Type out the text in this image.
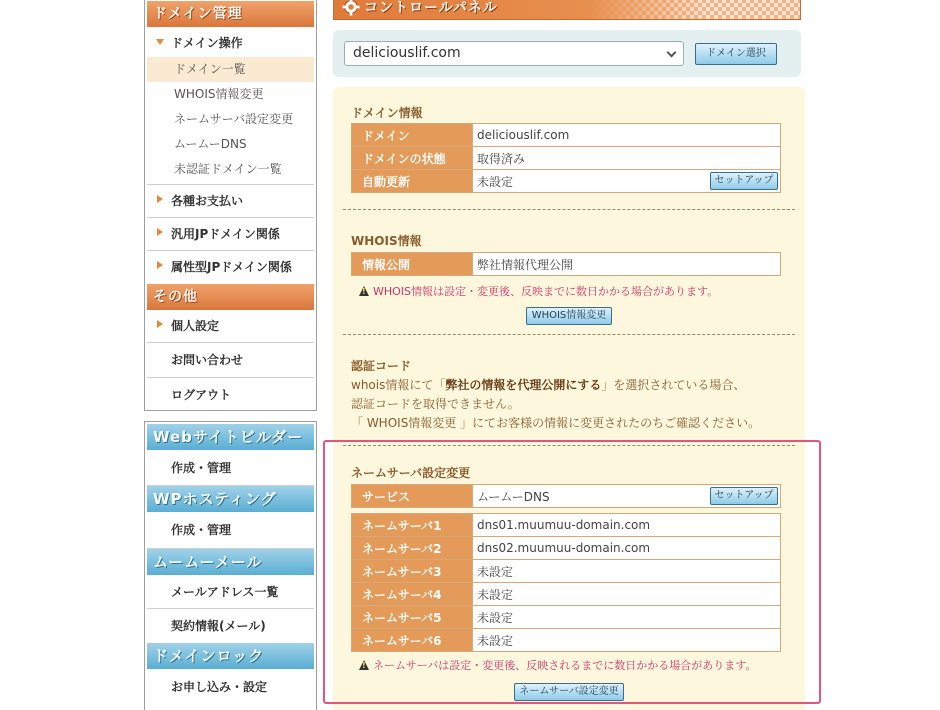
ドメイン管理
ドメイン操作
ドメイン一覧
WHOIS情報変更
ネームサーバ設定変更
ムームーDNS
未認証ドメイン一覧
各種お支払い
汎用JPドメイン関係
属性型JPドメイン関係
その他
個人設定
お問い合わせ
ログアウト
Webサイトビルダー
作成・管理
WPホスティング
作成・管理
ムームーメール
メールアドレス一覧
契約情報(メール)
ドメインロック
お申し込み・設定
コントロールパネル
deliciouslif.com	ドメイン選択
ドメイン情報
ドメイン	deliciouslif.com
ドメインの状態	取得済み
自動更新	未設定 セットアップ
WHOIS情報
情報公開	弊社情報代理公開
!WHOIS情報は設定・変更後、反映までに数日かかる場合があります。
WHOIS情報変更
認証コード
whois情報にて「弊社の情報を代理公開にする」を選択されている場合、
認証コードを取得できません。
「 WHOIS情報変更 」にてお客様の情報に変更されたのちご確認ください。
ネームサーバ設定変更
サービス	ムームーDNS	セットアップ
ネームサーバ1	dns01.muumuu-domain.com
ネームサーバ2	dns02.muumuu-domain.com
ネームサーバ3	未設定
ネームサーバ4	未設定
ネームサーバ5	未設定
ネームサーバ6	未設定
!ネームサーバは設定・変更後、反映されるまでに数日かかる場合があります。
ネームサーバ設定変更
